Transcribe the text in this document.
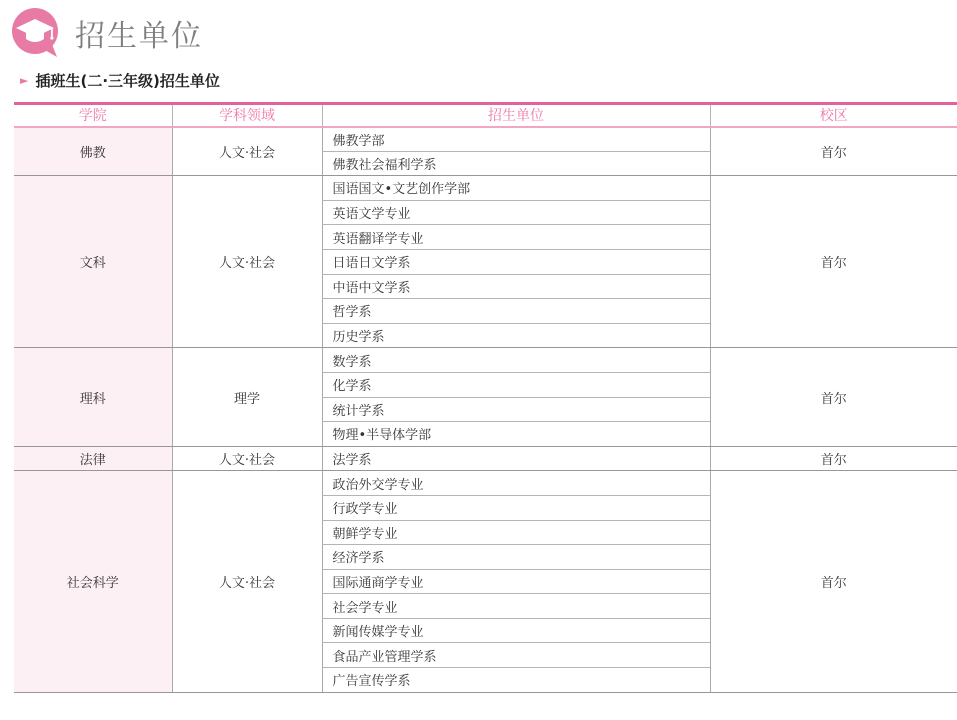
招生单位
► 插班生(二·三年级)招生单位
学院	学科领域	招生单位	校区
佛教	人文·社会	佛教学部	首尔
		佛教社会福利学系	
文科	人文·社会	国语国文•文艺创作学部	首尔
		英语文学专业	
		英语翻译学专业	
		日语日文学系	
		中语中文学系	
		哲学系	
		历史学系	
理科	理学	数学系	首尔
		化学系	
		统计学系	
		物理•半导体学部	
法律	人文·社会	法学系	首尔
社会科学	人文·社会	政治外交学专业	首尔
		行政学专业	
		朝鲜学专业	
		经济学系	
		国际通商学专业	
		社会学专业	
		新闻传媒学专业	
		食品产业管理学系	
		广告宣传学系	
